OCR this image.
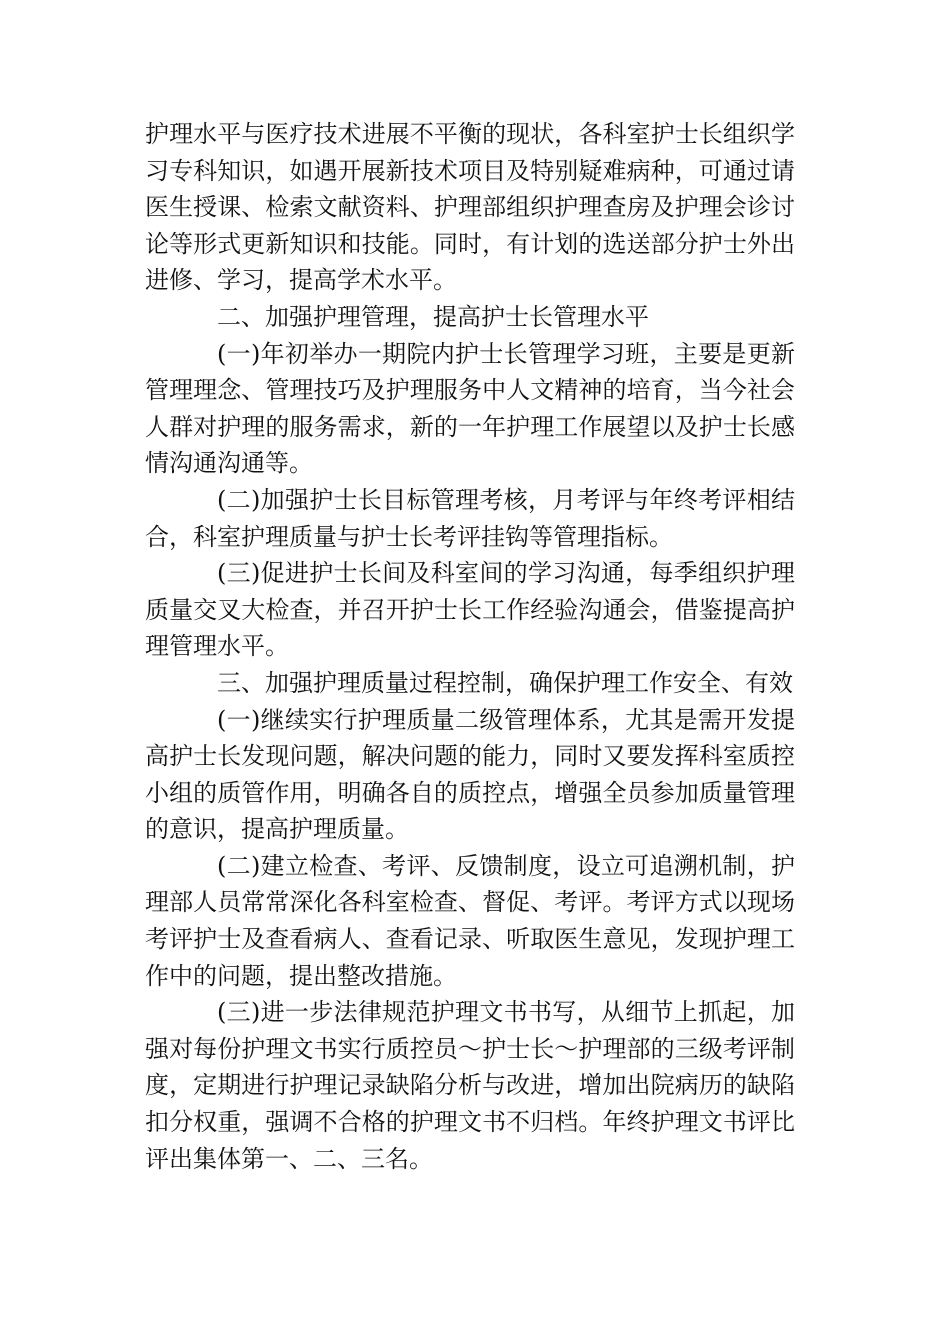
护理水平与医疗技术进展不平衡的现状，各科室护士长组织学习专科知识，如遇开展新技术项目及特别疑难病种，可通过请医生授课、检索文献资料、护理部组织护理查房及护理会诊讨论等形式更新知识和技能。同时，有计划的选送部分护士外出进修、学习，提高学术水平。

二、加强护理管理，提高护士长管理水平

(一)年初举办一期院内护士长管理学习班，主要是更新管理理念、管理技巧及护理服务中人文精神的培育，当今社会人群对护理的服务需求，新的一年护理工作展望以及护士长感情沟通沟通等。

(二)加强护士长目标管理考核，月考评与年终考评相结合，科室护理质量与护士长考评挂钩等管理指标。

(三)促进护士长间及科室间的学习沟通，每季组织护理质量交叉大检查，并召开护士长工作经验沟通会，借鉴提高护理管理水平。

三、加强护理质量过程控制，确保护理工作安全、有效

(一)继续实行护理质量二级管理体系，尤其是需开发提高护士长发现问题，解决问题的能力，同时又要发挥科室质控小组的质管作用，明确各自的质控点，增强全员参加质量管理的意识，提高护理质量。

(二)建立检查、考评、反馈制度，设立可追溯机制，护理部人员常常深化各科室检查、督促、考评。考评方式以现场考评护士及查看病人、查看记录、听取医生意见，发现护理工作中的问题，提出整改措施。

(三)进一步法律规范护理文书书写，从细节上抓起，加强对每份护理文书实行质控员～护士长～护理部的三级考评制度，定期进行护理记录缺陷分析与改进，增加出院病历的缺陷扣分权重，强调不合格的护理文书不归档。年终护理文书评比评出集体第一、二、三名。
